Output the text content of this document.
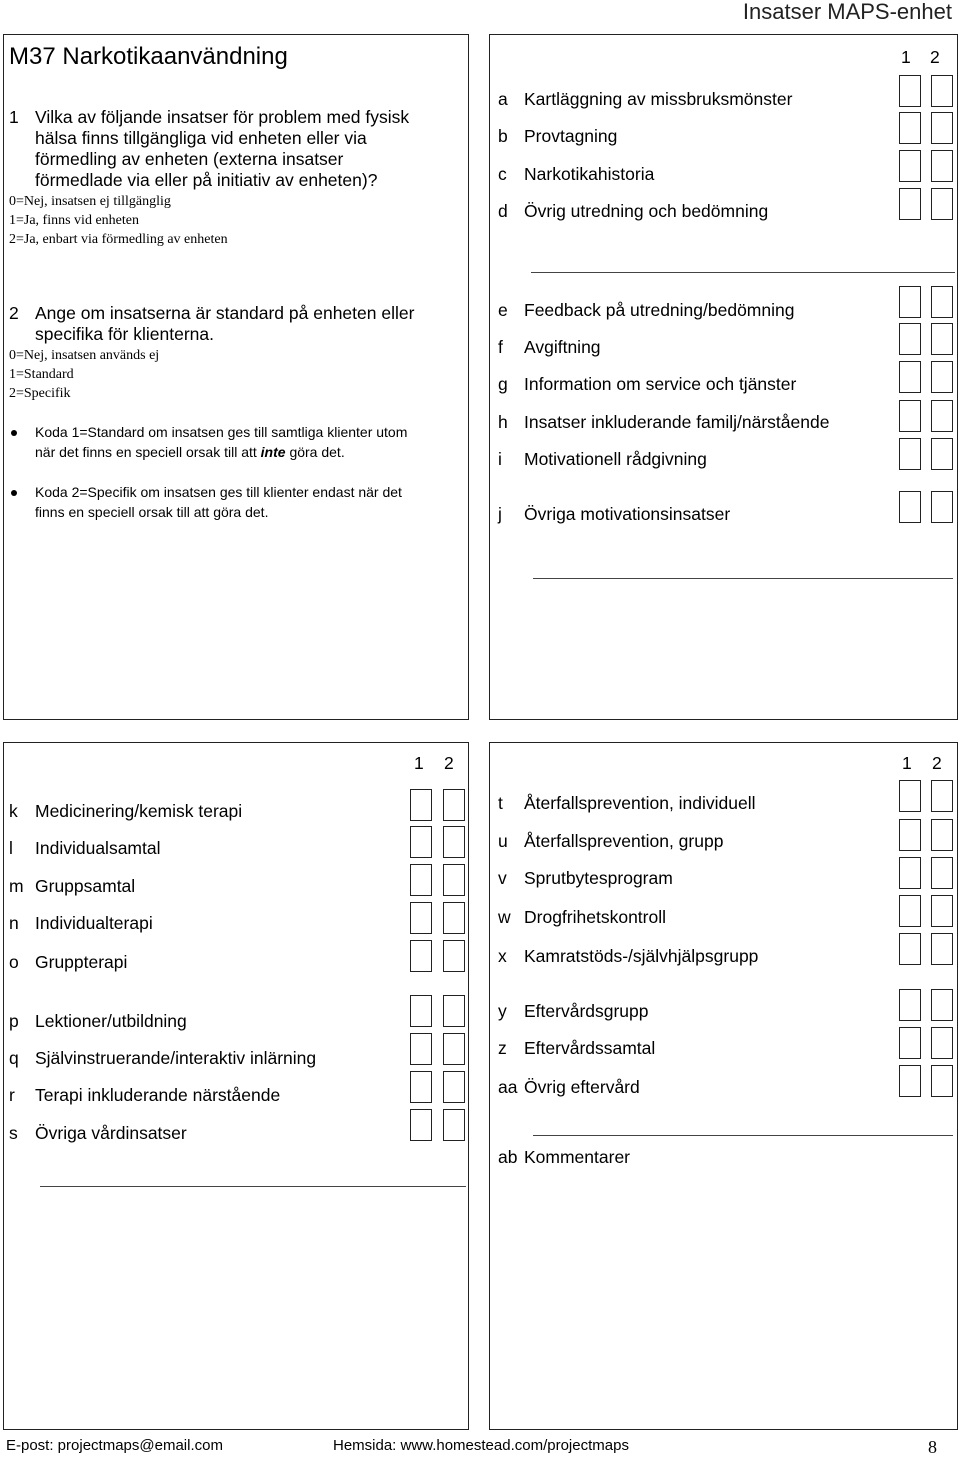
Insatser MAPS-enhet
M37 Narkotikaanvändning
1 Vilka av följande insatser för problem med fysisk
hälsa finns tillgängliga vid enheten eller via
förmedling av enheten (externa insatser
förmedlade via eller på initiativ av enheten)?
0=Nej, insatsen ej tillgänglig
1=Ja, finns vid enheten
2=Ja, enbart via förmedling av enheten
2 Ange om insatserna är standard på enheten eller
specifika för klienterna.
0=Nej, insatsen används ej
1=Standard
2=Specifik
Koda 1=Standard om insatsen ges till samtliga klienter utom
när det finns en speciell orsak till att inte göra det.
Koda 2=Specifik om insatsen ges till klienter endast när det
finns en speciell orsak till att göra det.
1 2
a Kartläggning av missbruksmönster
b Provtagning
c Narkotikahistoria
d Övrig utredning och bedömning
e Feedback på utredning/bedömning
f Avgiftning
g Information om service och tjänster
h Insatser inkluderande familj/närstående
i Motivationell rådgivning
j Övriga motivationsinsatser
1 2
k Medicinering/kemisk terapi
l Individualsamtal
m Gruppsamtal
n Individualterapi
o Gruppterapi
p Lektioner/utbildning
q Självinstruerande/interaktiv inlärning
r Terapi inkluderande närstående
s Övriga vårdinsatser
1 2
t Återfallsprevention, individuell
u Återfallsprevention, grupp
v Sprutbytesprogram
w Drogfrihetskontroll
x Kamratstöds-/självhjälpsgrupp
y Eftervårdsgrupp
z Eftervårdssamtal
aa Övrig eftervård
ab Kommentarer
E-post: projectmaps@email.com	Hemsida: www.homestead.com/projectmaps	8
